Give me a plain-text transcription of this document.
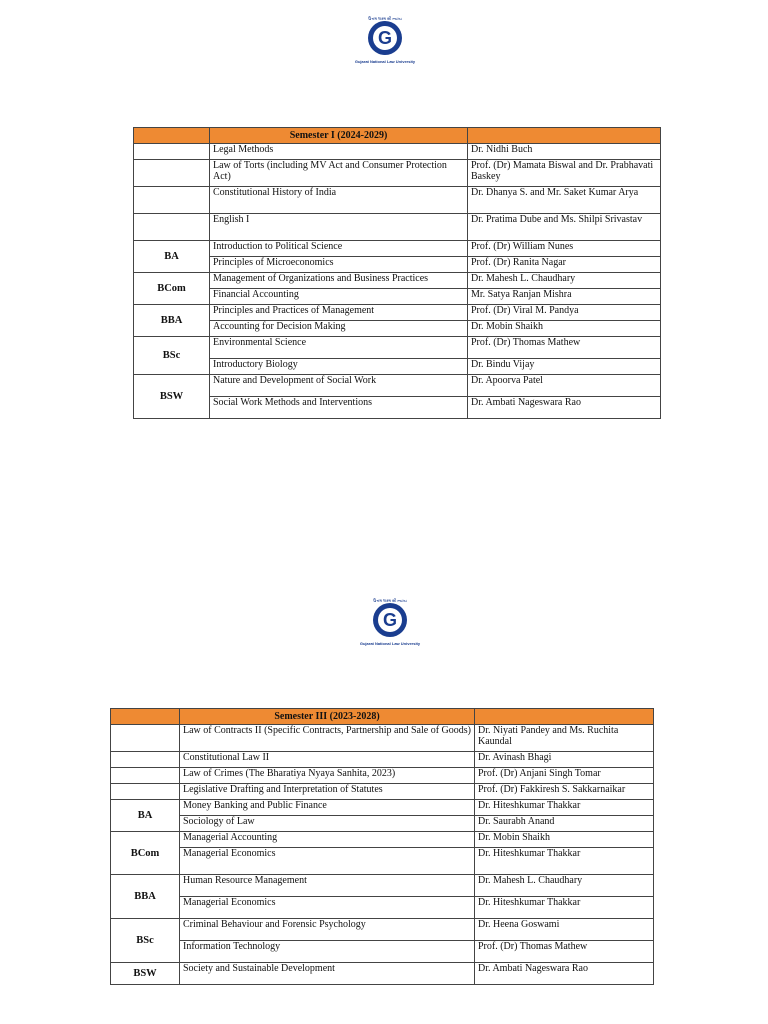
ઉત્તમ લક્ષ્મ સૌ ન્યાય
G
Gujarat National Law University
	Semester I (2024-2029)	
	Legal Methods	Dr. Nidhi Buch
	Law of Torts (including MV Act and Consumer Protection Act)	Prof. (Dr) Mamata Biswal and Dr. Prabhavati Baskey
	Constitutional History of India	Dr. Dhanya S. and Mr. Saket Kumar Arya
	English I	Dr. Pratima Dube and Ms. Shilpi Srivastav
BA	Introduction to Political Science	Prof. (Dr) William Nunes
	Principles of Microeconomics	Prof. (Dr) Ranita Nagar
BCom	Management of Organizations and Business Practices	Dr. Mahesh L. Chaudhary
	Financial Accounting	Mr. Satya Ranjan Mishra
BBA	Principles and Practices of Management	Prof. (Dr) Viral M. Pandya
	Accounting for Decision Making	Dr. Mobin Shaikh
BSc	Environmental Science	Prof. (Dr) Thomas Mathew
	Introductory Biology	Dr. Bindu Vijay
BSW	Nature and Development of Social Work	Dr. Apoorva Patel
	Social Work Methods and Interventions	Dr. Ambati Nageswara Rao
ઉત્તમ લક્ષ્મ સૌ ન્યાય
G
Gujarat National Law University
	Semester III (2023-2028)	
	Law of Contracts II (Specific Contracts, Partnership and Sale of Goods)	Dr. Niyati Pandey and Ms. Ruchita Kaundal
	Constitutional Law II	Dr. Avinash Bhagi
	Law of Crimes (The Bharatiya Nyaya Sanhita, 2023)	Prof. (Dr) Anjani Singh Tomar
	Legislative Drafting and Interpretation of Statutes	Prof. (Dr) Fakkiresh S. Sakkarnaikar
BA	Money Banking and Public Finance	Dr. Hiteshkumar Thakkar
	Sociology of Law	Dr. Saurabh Anand
BCom	Managerial Accounting	Dr. Mobin Shaikh
	Managerial Economics	Dr. Hiteshkumar Thakkar
BBA	Human Resource Management	Dr. Mahesh L. Chaudhary
	Managerial Economics	Dr. Hiteshkumar Thakkar
BSc	Criminal Behaviour and Forensic Psychology	Dr. Heena Goswami
	Information Technology	Prof. (Dr) Thomas Mathew
BSW	Society and Sustainable Development	Dr. Ambati Nageswara Rao
